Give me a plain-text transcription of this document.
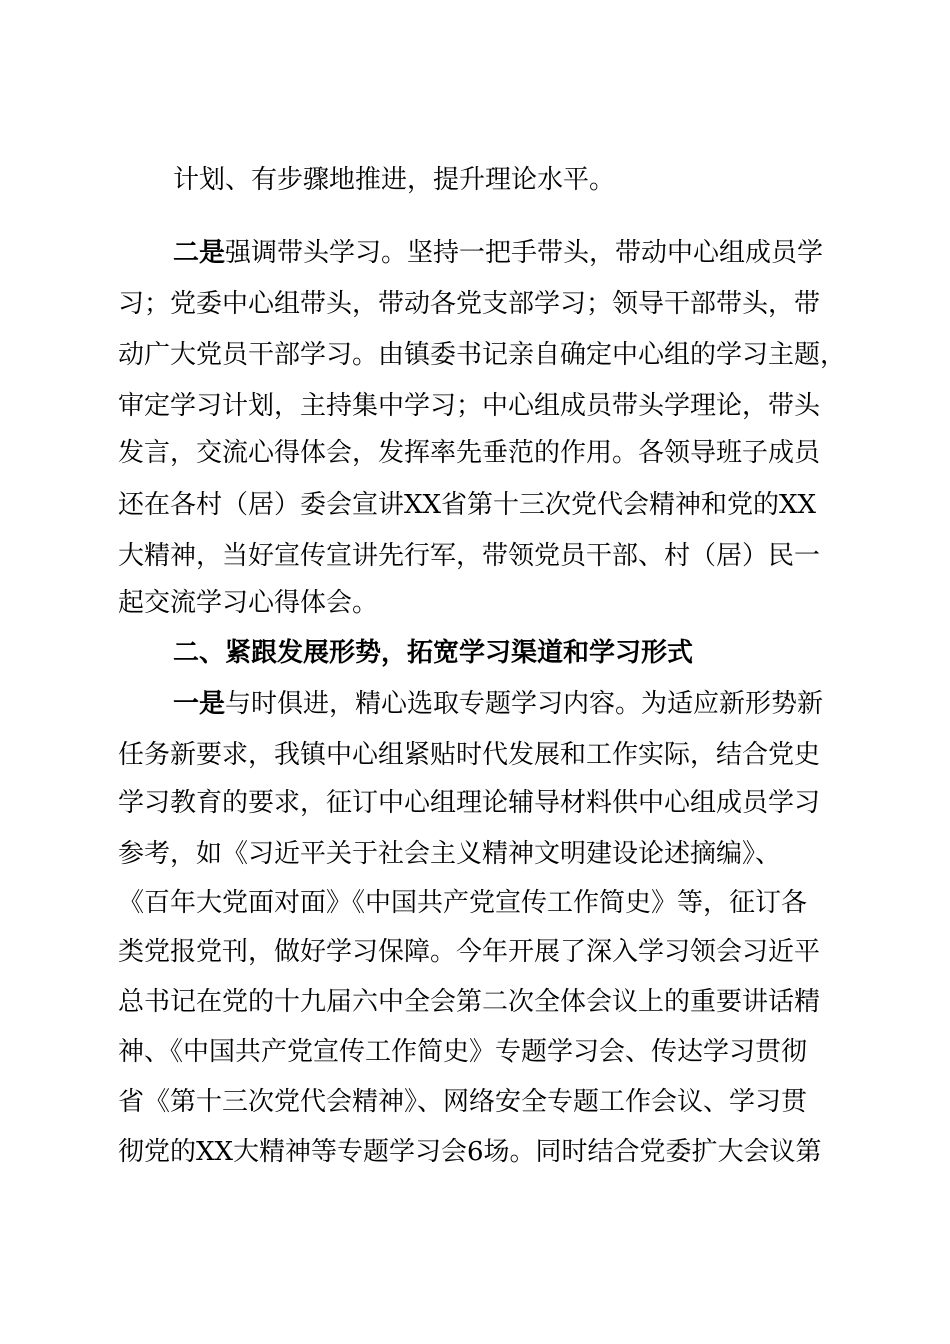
计划、有步骤地推进，提升理论水平。
二是 强调带头学习。坚持一把手带头，带动中心组成员学
习；党委中心组带头，带动各党支部学习；领导干部带头，带
动广大党员干部学习。由镇委书记亲自确定中心组的学习主题，
审定学习计划，主持集中学习；中心组成员带头学理论，带头
发言，交流心得体会，发挥率先垂范的作用。各领导班子成员
还在各村（居）委会宣讲XX省第十三次党代会精神和党的XX
大精神，当好宣传宣讲先行军，带领党员干部、村（居）民一
起交流学习心得体会。
二、紧跟发展形势，拓宽学习渠道和学习形式
一是 与时俱进，精心选取专题学习内容。为适应新形势新
任务新要求，我镇中心组紧贴时代发展和工作实际，结合党史
学习教育的要求，征订中心组理论辅导材料供中心组成员学习
参考，如《习近平关于社会主义精神文明建设论述摘编》、
《百年大党面对面》《中国共产党宣传工作简史》等，征订各
类党报党刊，做好学习保障。今年开展了深入学习领会习近平
总书记在党的十九届六中全会第二次全体会议上的重要讲话精
神、《中国共产党宣传工作简史》专题学习会、传达学习贯彻
省《第十三次党代会精神》、网络安全专题工作会议、学习贯
彻党的XX大精神等专题学习会6场。同时结合党委扩大会议第
